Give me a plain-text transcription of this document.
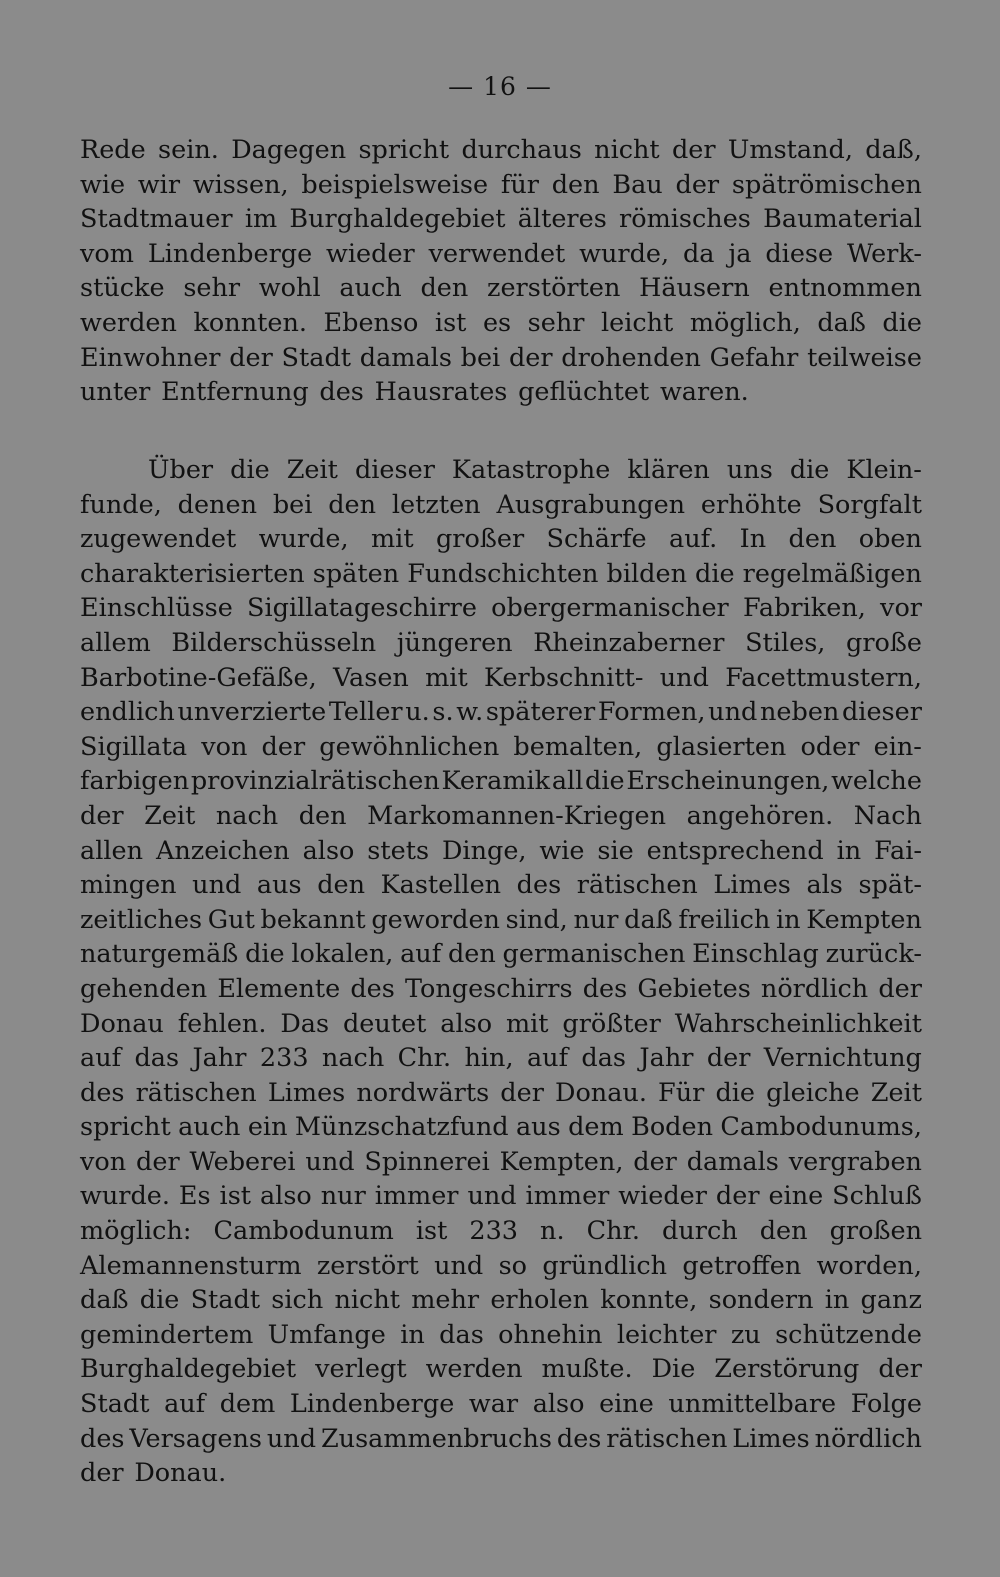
— 16 —
Rede sein. Dagegen spricht durchaus nicht der Umstand, daß,
wie wir wissen, beispielsweise für den Bau der spätrömischen
Stadtmauer im Burghaldegebiet älteres römisches Baumaterial
vom Lindenberge wieder verwendet wurde, da ja diese Werk-
stücke sehr wohl auch den zerstörten Häusern entnommen
werden konnten. Ebenso ist es sehr leicht möglich, daß die
Einwohner der Stadt damals bei der drohenden Gefahr teilweise
unter Entfernung des Hausrates geflüchtet waren.
Über die Zeit dieser Katastrophe klären uns die Klein-
funde, denen bei den letzten Ausgrabungen erhöhte Sorgfalt
zugewendet wurde, mit großer Schärfe auf. In den oben
charakterisierten späten Fundschichten bilden die regelmäßigen
Einschlüsse Sigillatageschirre obergermanischer Fabriken, vor
allem Bilderschüsseln jüngeren Rheinzaberner Stiles, große
Barbotine-Gefäße, Vasen mit Kerbschnitt- und Facettmustern,
endlich unverzierte Teller u. s. w. späterer Formen, und neben dieser
Sigillata von der gewöhnlichen bemalten, glasierten oder ein-
farbigen provinzialrätischen Keramik all die Erscheinungen, welche
der Zeit nach den Markomannen-Kriegen angehören. Nach
allen Anzeichen also stets Dinge, wie sie entsprechend in Fai-
mingen und aus den Kastellen des rätischen Limes als spät-
zeitliches Gut bekannt geworden sind, nur daß freilich in Kempten
naturgemäß die lokalen, auf den germanischen Einschlag zurück-
gehenden Elemente des Tongeschirrs des Gebietes nördlich der
Donau fehlen. Das deutet also mit größter Wahrscheinlichkeit
auf das Jahr 233 nach Chr. hin, auf das Jahr der Vernichtung
des rätischen Limes nordwärts der Donau. Für die gleiche Zeit
spricht auch ein Münzschatzfund aus dem Boden Cambodunums,
von der Weberei und Spinnerei Kempten, der damals vergraben
wurde. Es ist also nur immer und immer wieder der eine Schluß
möglich: Cambodunum ist 233 n. Chr. durch den großen
Alemannensturm zerstört und so gründlich getroffen worden,
daß die Stadt sich nicht mehr erholen konnte, sondern in ganz
gemindertem Umfange in das ohnehin leichter zu schützende
Burghaldegebiet verlegt werden mußte. Die Zerstörung der
Stadt auf dem Lindenberge war also eine unmittelbare Folge
des Versagens und Zusammenbruchs des rätischen Limes nördlich
der Donau.
